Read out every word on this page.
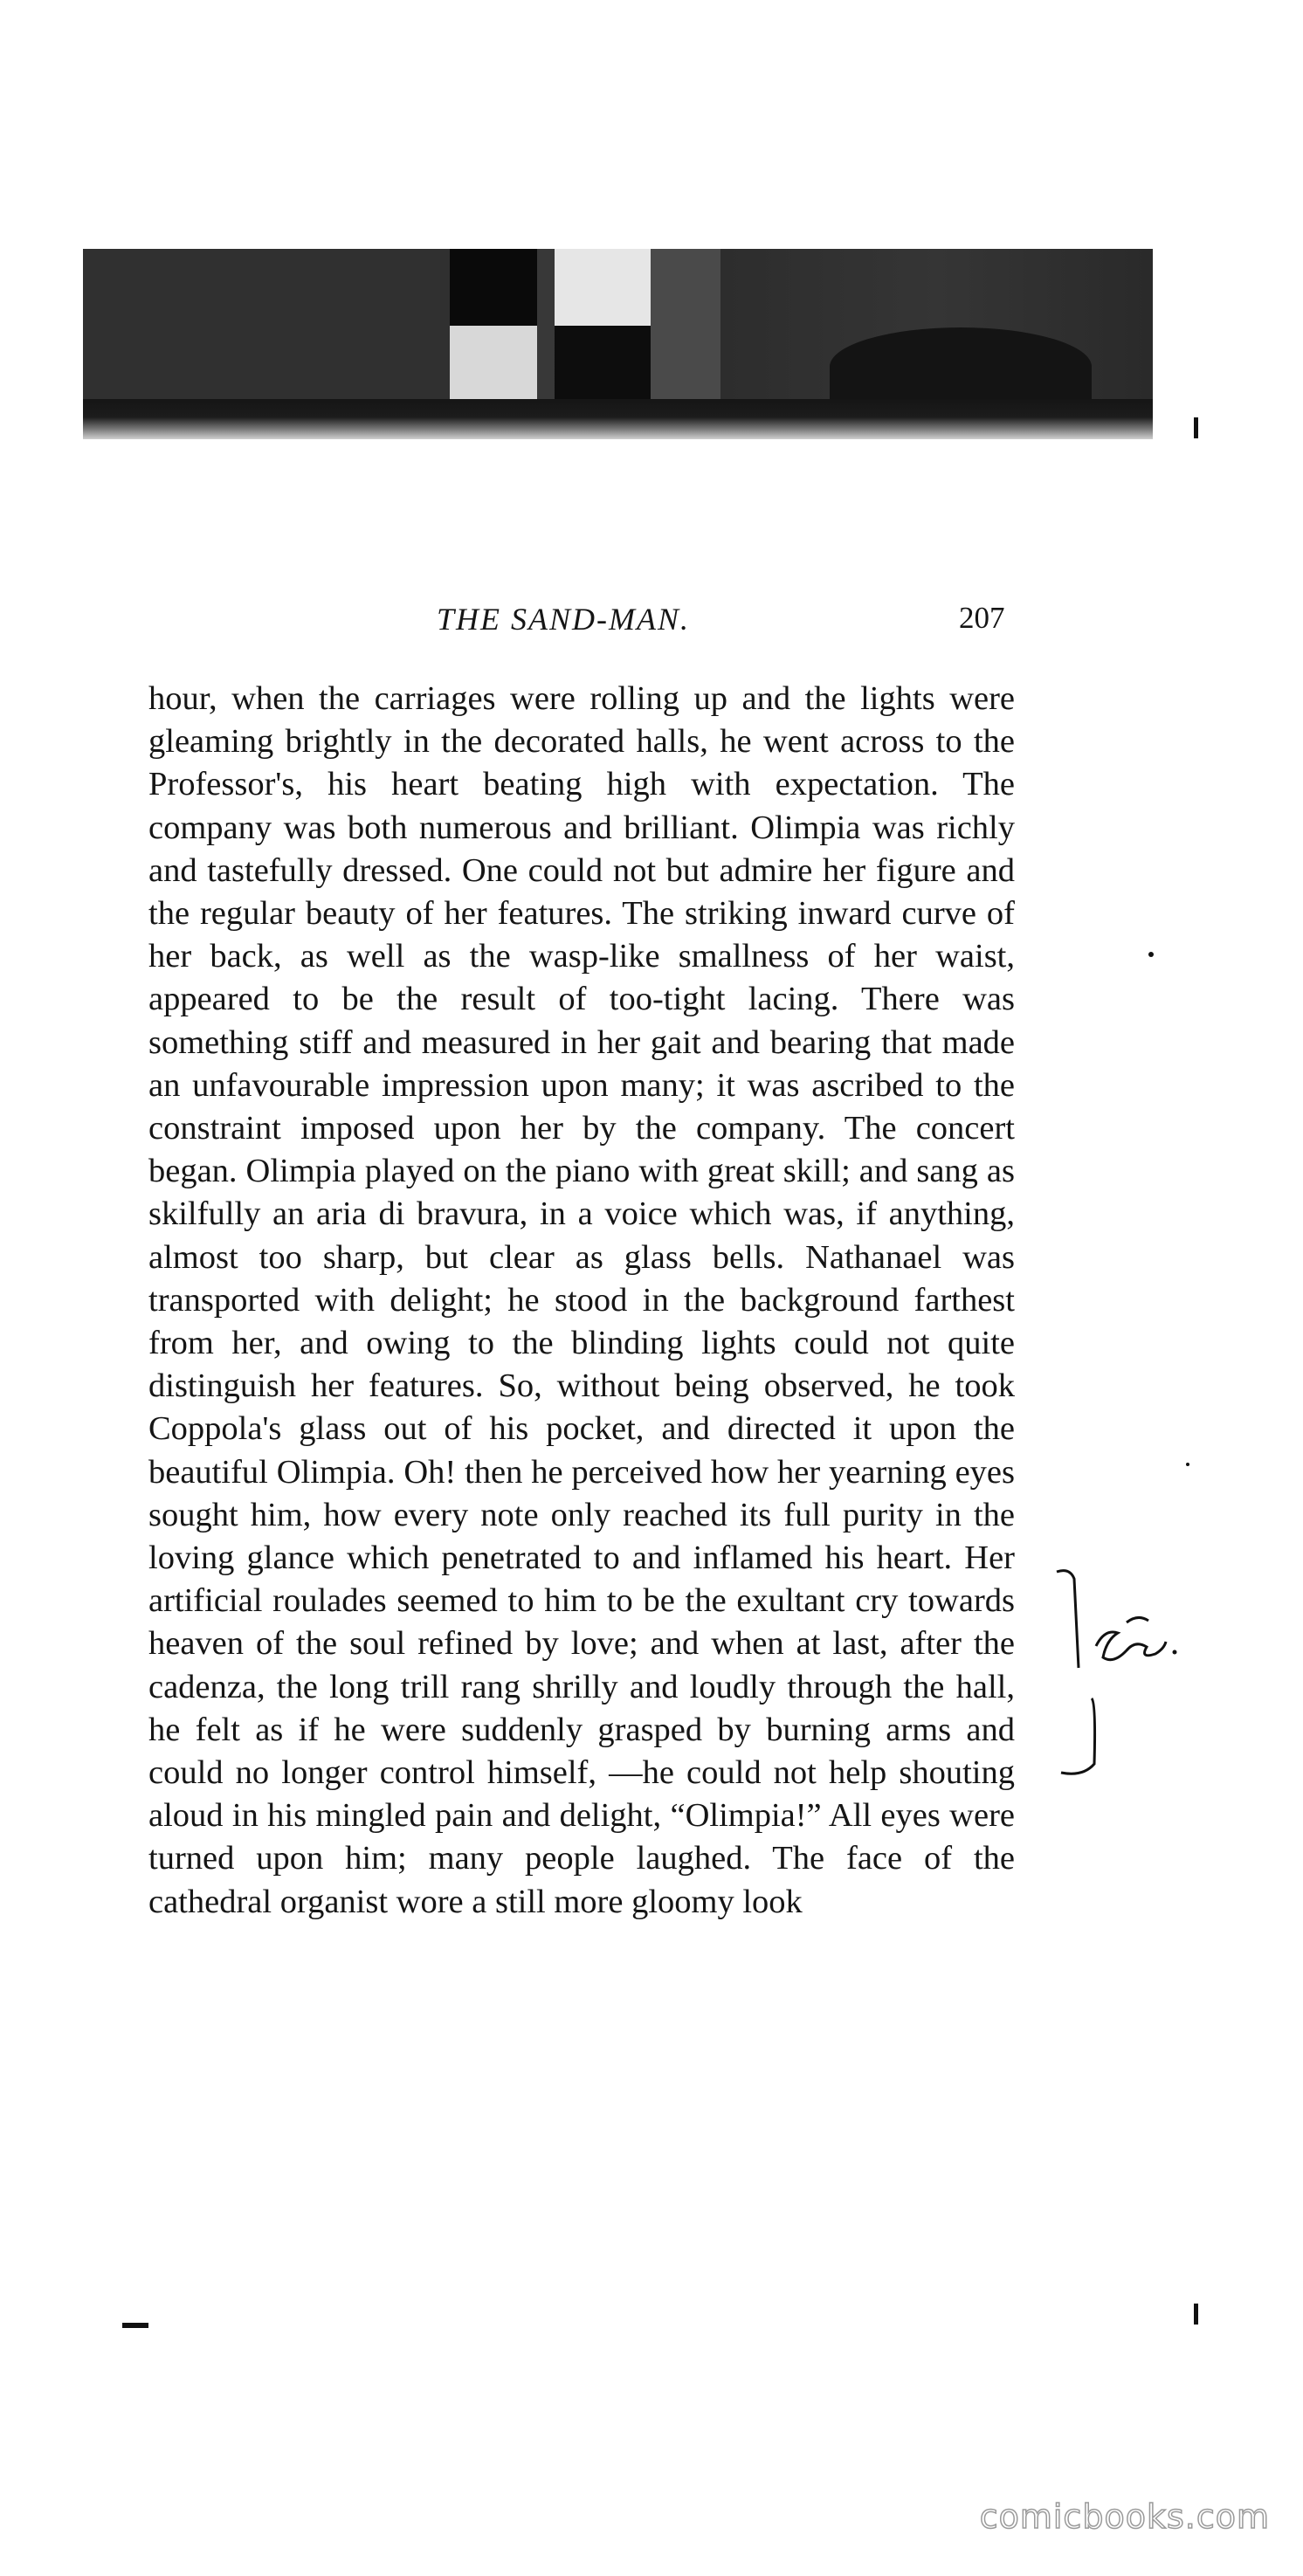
THE SAND-MAN.	207

hour, when the carriages were rolling up and the lights were gleaming brightly in the decorated halls, he went across to the Professor's, his heart beating high with expectation. The company was both numerous and brilliant. Olimpia was richly and tastefully dressed. One could not but admire her figure and the regular beauty of her features. The striking inward curve of her back, as well as the wasp-like smallness of her waist, appeared to be the result of too-tight lacing. There was something stiff and measured in her gait and bearing that made an unfavourable impression upon many; it was ascribed to the constraint imposed upon her by the company. The concert began. Olimpia played on the piano with great skill; and sang as skilfully an aria di bravura, in a voice which was, if anything, almost too sharp, but clear as glass bells. Nathanael was transported with delight; he stood in the background farthest from her, and owing to the blinding lights could not quite distinguish her features. So, without being observed, he took Coppola's glass out of his pocket, and directed it upon the beautiful Olimpia. Oh! then he perceived how her yearning eyes sought him, how every note only reached its full purity in the loving glance which penetrated to and inflamed his heart. Her artificial roulades seemed to him to be the exultant cry towards heaven of the soul refined by love; and when at last, after the cadenza, the long trill rang shrilly and loudly through the hall, he felt as if he were suddenly grasped by burning arms and could no longer control himself, —he could not help shouting aloud in his mingled pain and delight, “Olimpia!” All eyes were turned upon him; many people laughed. The face of the cathedral organist wore a still more gloomy look

comicbooks.com
